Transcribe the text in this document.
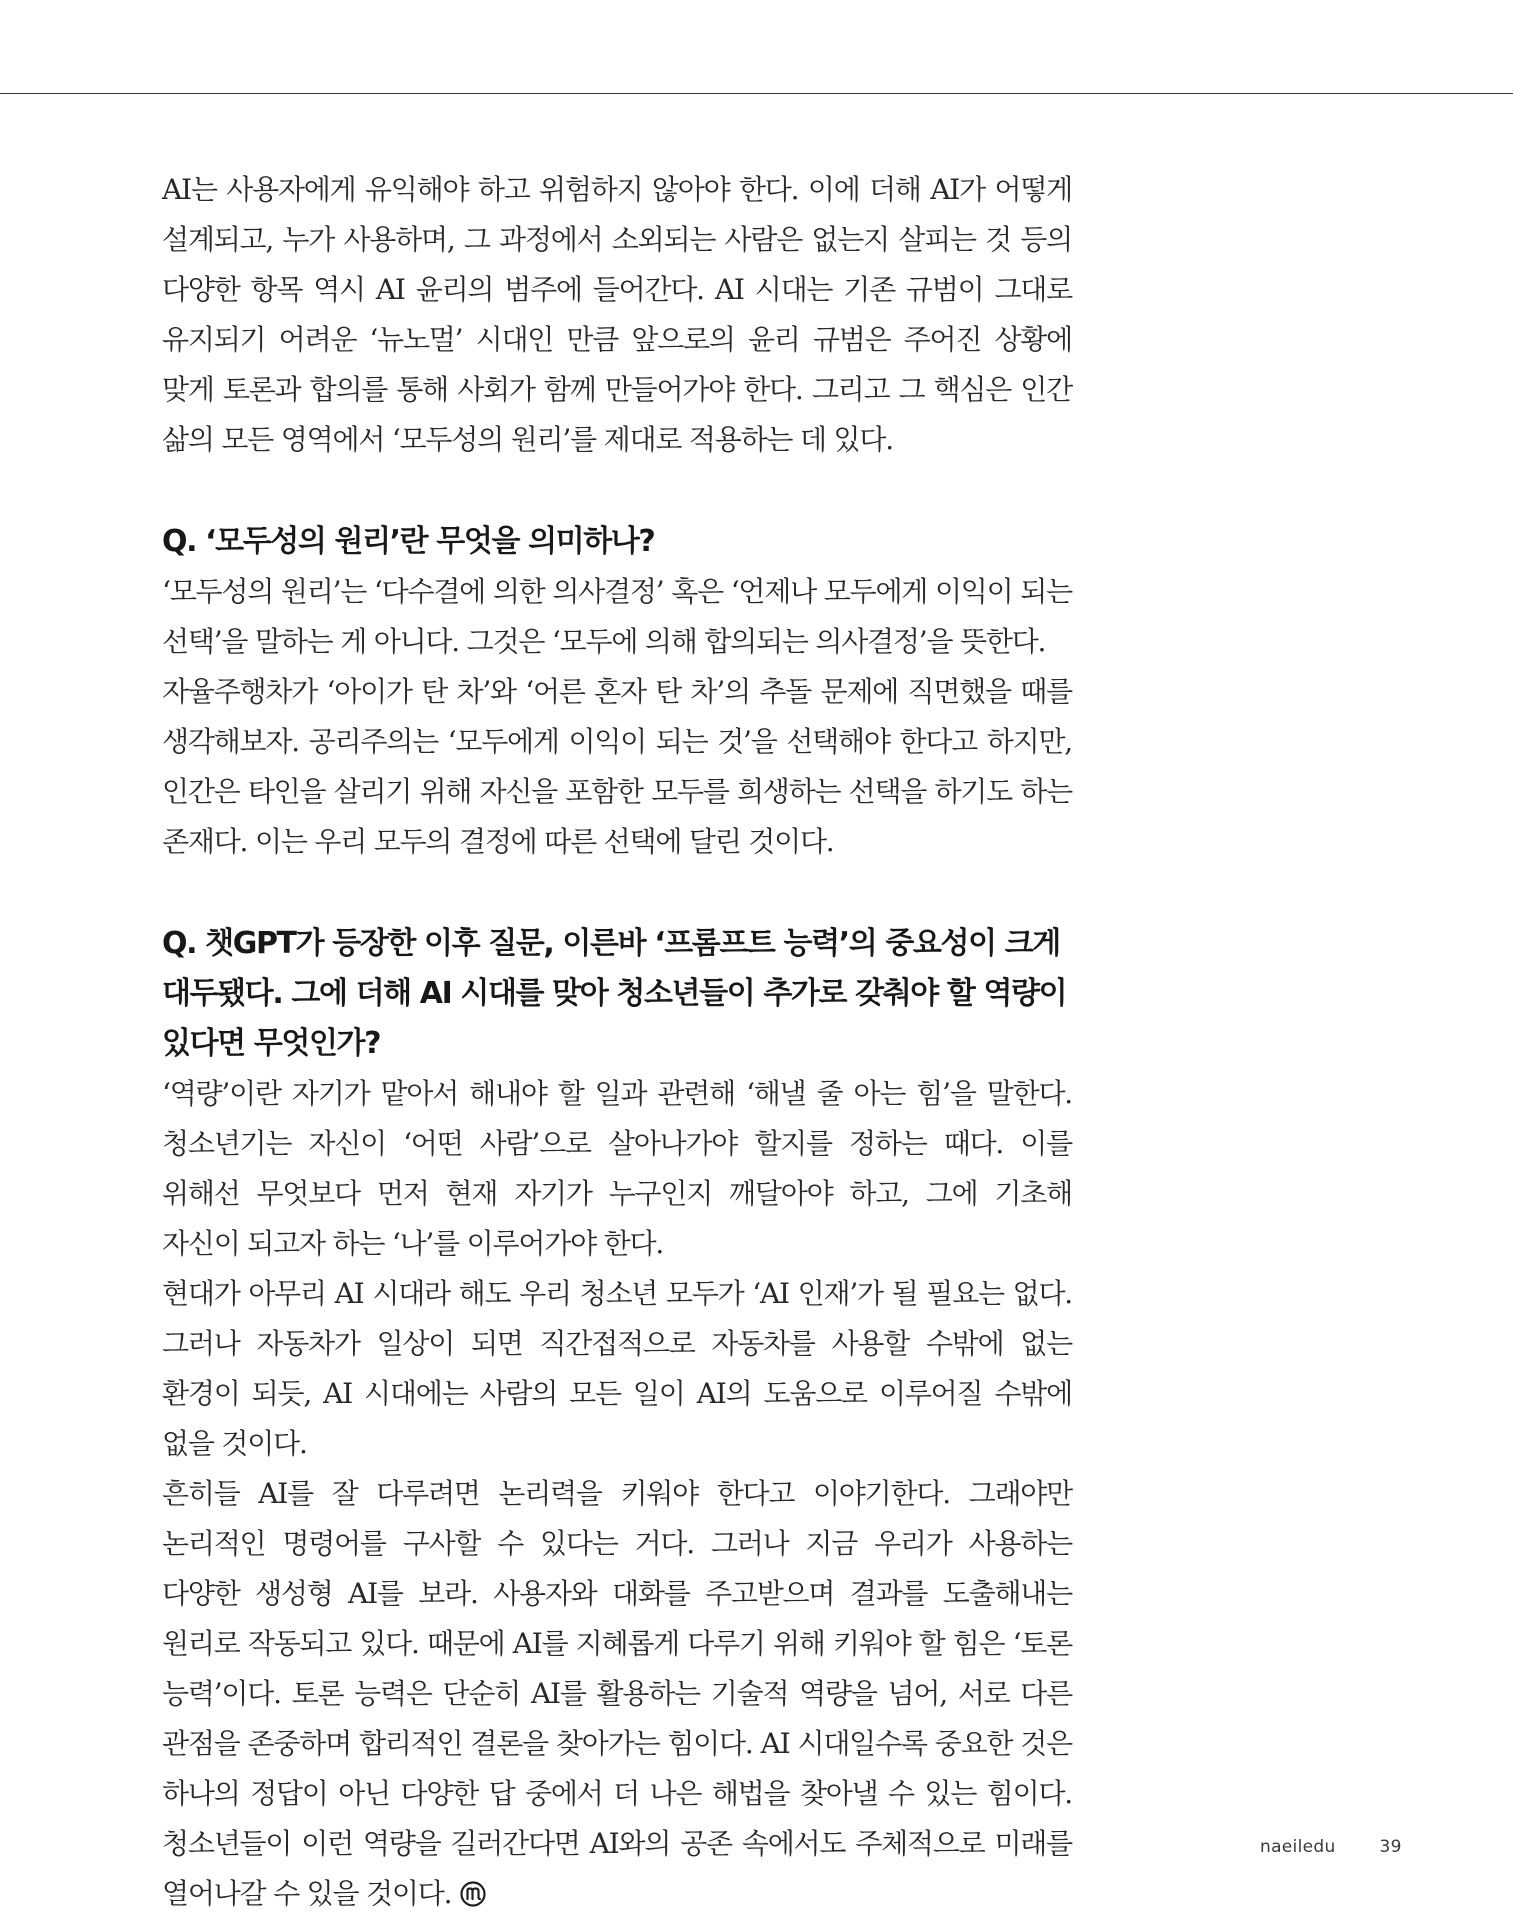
AI는 사용자에게 유익해야 하고 위험하지 않아야 한다. 이에 더해 AI가 어떻게 설계되고, 누가 사용하며, 그 과정에서 소외되는 사람은 없는지 살피는 것 등의 다양한 항목 역시 AI 윤리의 범주에 들어간다. AI 시대는 기존 규범이 그대로 유지되기 어려운 ‘뉴노멀’ 시대인 만큼 앞으로의 윤리 규범은 주어진 상황에 맞게 토론과 합의를 통해 사회가 함께 만들어가야 한다. 그리고 그 핵심은 인간 삶의 모든 영역에서 ‘모두성의 원리’를 제대로 적용하는 데 있다.

Q. ‘모두성의 원리’란 무엇을 의미하나?

‘모두성의 원리’는 ‘다수결에 의한 의사결정’ 혹은 ‘언제나 모두에게 이익이 되는 선택’을 말하는 게 아니다. 그것은 ‘모두에 의해 합의되는 의사결정’을 뜻한다.

자율주행차가 ‘아이가 탄 차’와 ‘어른 혼자 탄 차’의 추돌 문제에 직면했을 때를 생각해보자. 공리주의는 ‘모두에게 이익이 되는 것’을 선택해야 한다고 하지만, 인간은 타인을 살리기 위해 자신을 포함한 모두를 희생하는 선택을 하기도 하는 존재다. 이는 우리 모두의 결정에 따른 선택에 달린 것이다.

Q. 챗GPT가 등장한 이후 질문, 이른바 ‘프롬프트 능력’의 중요성이 크게 대두됐다. 그에 더해 AI 시대를 맞아 청소년들이 추가로 갖춰야 할 역량이 있다면 무엇인가?

‘역량’이란 자기가 맡아서 해내야 할 일과 관련해 ‘해낼 줄 아는 힘’을 말한다. 청소년기는 자신이 ‘어떤 사람’으로 살아나가야 할지를 정하는 때다. 이를 위해선 무엇보다 먼저 현재 자기가 누구인지 깨달아야 하고, 그에 기초해 자신이 되고자 하는 ‘나’를 이루어가야 한다.

현대가 아무리 AI 시대라 해도 우리 청소년 모두가 ‘AI 인재’가 될 필요는 없다. 그러나 자동차가 일상이 되면 직간접적으로 자동차를 사용할 수밖에 없는 환경이 되듯, AI 시대에는 사람의 모든 일이 AI의 도움으로 이루어질 수밖에 없을 것이다.

흔히들 AI를 잘 다루려면 논리력을 키워야 한다고 이야기한다. 그래야만 논리적인 명령어를 구사할 수 있다는 거다. 그러나 지금 우리가 사용하는 다양한 생성형 AI를 보라. 사용자와 대화를 주고받으며 결과를 도출해내는 원리로 작동되고 있다. 때문에 AI를 지혜롭게 다루기 위해 키워야 할 힘은 ‘토론 능력’이다. 토론 능력은 단순히 AI를 활용하는 기술적 역량을 넘어, 서로 다른 관점을 존중하며 합리적인 결론을 찾아가는 힘이다. AI 시대일수록 중요한 것은 하나의 정답이 아닌 다양한 답 중에서 더 나은 해법을 찾아낼 수 있는 힘이다. 청소년들이 이런 역량을 길러간다면 AI와의 공존 속에서도 주체적으로 미래를 열어나갈 수 있을 것이다.

naeiledu	39
